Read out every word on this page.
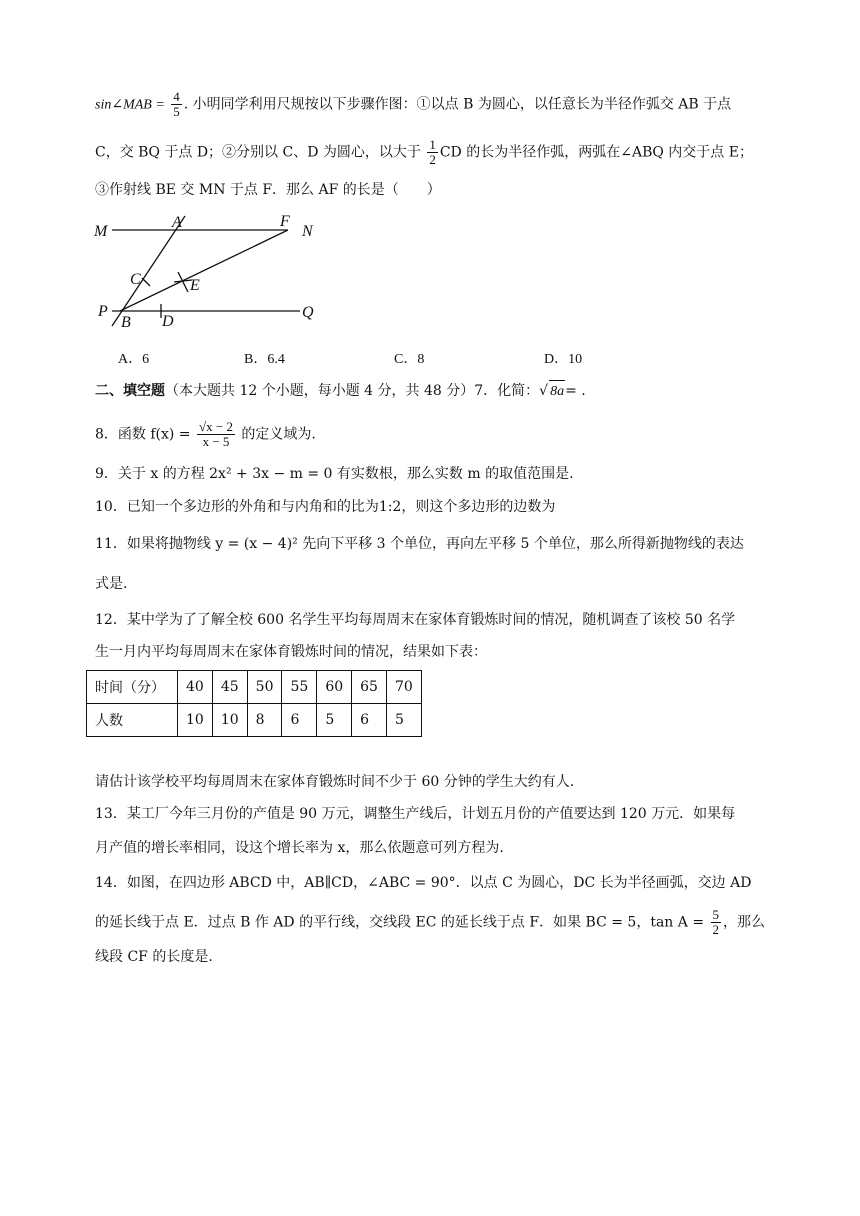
sin∠MAB = $\frac{4}{5}$ . 小明同学利用尺规按以下步骤作图：①以点 B 为圆心，以任意长为半径作弧交 AB 于点
C，交 BQ 于点 D；②分别以 C、D 为圆心，以大于 $\frac{1}{2}$ CD 的长为半径作弧，两弧在∠ABQ 内交于点 E；
③作射线 BE 交 MN 于点 F．那么 AF 的长是（　　）
M
A	F
N
C	E
P
B D
Q
A．6	B．6.4	C．8	D．10
二、填空题（本大题共 12 个小题，每小题 4 分，共 48 分）7．化简：√ 8a= .
8．函数 $f(x) = \frac{√x - 2}{x - 5}$ 的定义域为.
9．关于 x 的方程 2x² + 3x − m = 0 有实数根，那么实数 m 的取值范围是.
10．已知一个多边形的外角和与内角和的比为1:2，则这个多边形的边数为
11．如果将抛物线 y = (x − 4)² 先向下平移 3 个单位，再向左平移 5 个单位，那么所得新抛物线的表达
式是.
12．某中学为了了解全校 600 名学生平均每周周末在家体育锻炼时间的情况，随机调查了该校 50 名学
生一月内平均每周周末在家体育锻炼时间的情况，结果如下表：
时间（分）	40	45	50	55	60	65	70
人数	10	10	8	6	5	6	5
请估计该学校平均每周周末在家体育锻炼时间不少于 60 分钟的学生大约有人.
13．某工厂今年三月份的产值是 90 万元，调整生产线后，计划五月份的产值要达到 120 万元．如果每
月产值的增长率相同，设这个增长率为 x，那么依题意可列方程为.
14．如图，在四边形 ABCD 中，AB∥CD，∠ABC = 90°．以点 C 为圆心，DC 长为半径画弧，交边 AD
的延长线于点 E．过点 B 作 AD 的平行线，交线段 EC 的延长线于点 F．如果 BC = 5，$\tan A = \frac{5}{2}$ ，那么
线段 CF 的长度是.
